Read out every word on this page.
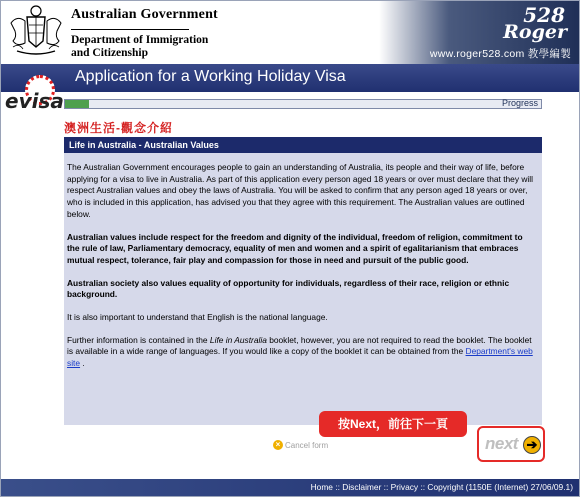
Australian Government
Department of Immigration
and Citizenship
528
Roger
www.roger528.com 教學編製
Application for a Working Holiday Visa
evisa	Progress
澳洲生活-觀念介紹
Life in Australia - Australian Values

The Australian Government encourages people to gain an understanding of Australia, its people and their way of life, before applying for a visa to live in Australia. As part of this application every person aged 18 years or over must declare that they will respect Australian values and obey the laws of Australia. You will be asked to confirm that any person aged 18 years or over, who is included in this application, has advised you that they agree with this requirement. The Australian values are outlined below.

Australian values include respect for the freedom and dignity of the individual, freedom of religion, commitment to the rule of law, Parliamentary democracy, equality of men and women and a spirit of egalitarianism that embraces mutual respect, tolerance, fair play and compassion for those in need and pursuit of the public good.

Australian society also values equality of opportunity for individuals, regardless of their race, religion or ethnic background.

It is also important to understand that English is the national language.

Further information is contained in the Life in Australia booklet, however, you are not required to read the booklet. The booklet is available in a wide range of languages. If you would like a copy of the booklet it can be obtained from the Department's web site .

× Cancel form
按Next，前往下一頁
next ➔
Home :: Disclaimer :: Privacy :: Copyright (1150E (Internet) 27/06/09.1)
